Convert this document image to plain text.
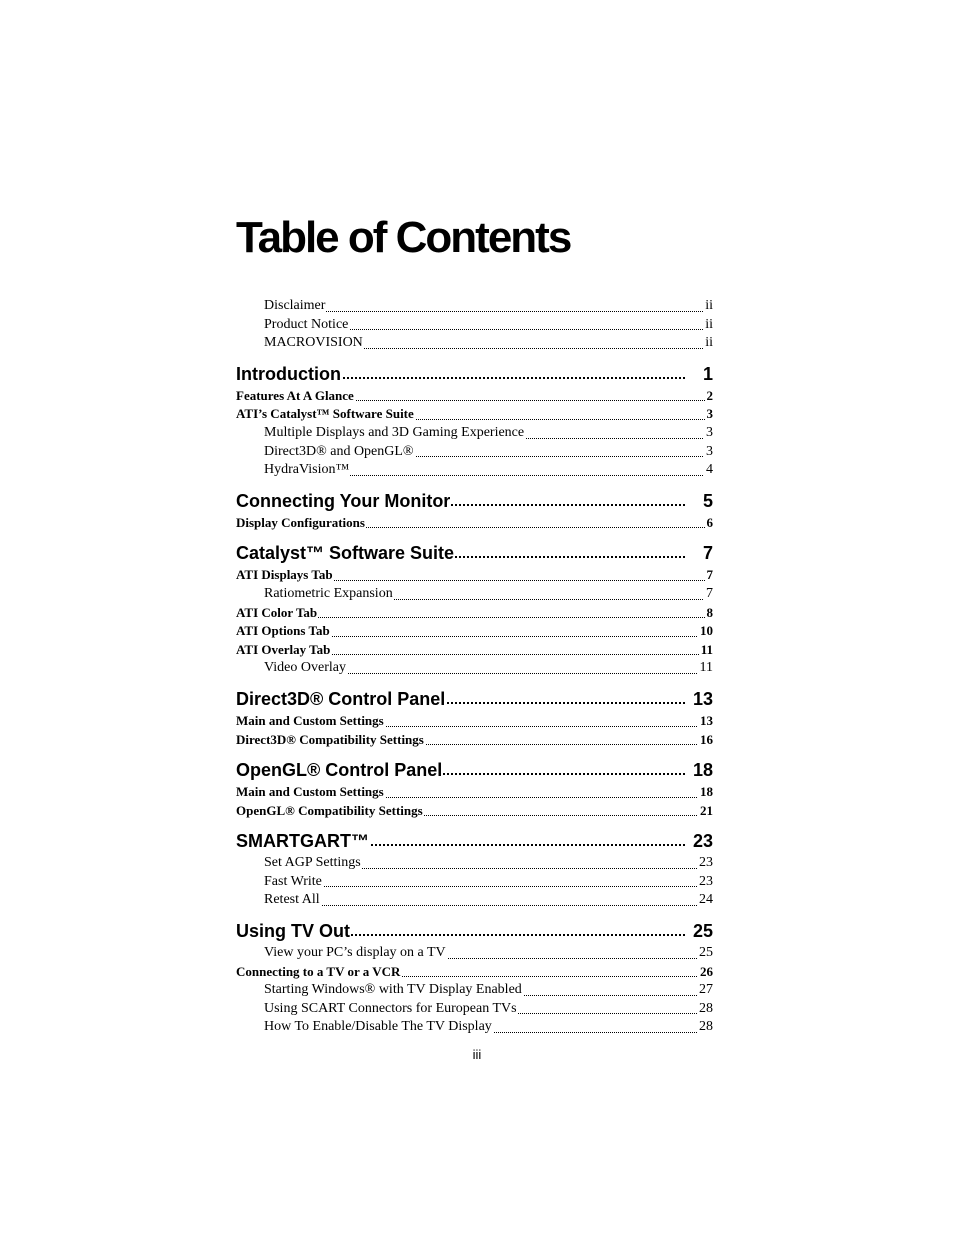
Table of Contents
Disclaimer	ii
Product Notice	ii
MACROVISION	ii
Introduction	1
Features At A Glance	2
ATI’s Catalyst™ Software Suite	3
Multiple Displays and 3D Gaming Experience	3
Direct3D® and OpenGL®	3
HydraVision™	4
Connecting Your Monitor	5
Display Configurations	6
Catalyst™ Software Suite	7
ATI Displays Tab	7
Ratiometric Expansion	7
ATI Color Tab	8
ATI Options Tab	10
ATI Overlay Tab	11
Video Overlay	11
Direct3D® Control Panel	13
Main and Custom Settings	13
Direct3D® Compatibility Settings	16
OpenGL® Control Panel	18
Main and Custom Settings	18
OpenGL® Compatibility Settings	21
SMARTGART™	23
Set AGP Settings	23
Fast Write	23
Retest All	24
Using TV Out	25
View your PC’s display on a TV	25
Connecting to a TV or a VCR	26
Starting Windows® with TV Display Enabled	27
Using SCART Connectors for European TVs	28
How To Enable/Disable The TV Display	28
iii
